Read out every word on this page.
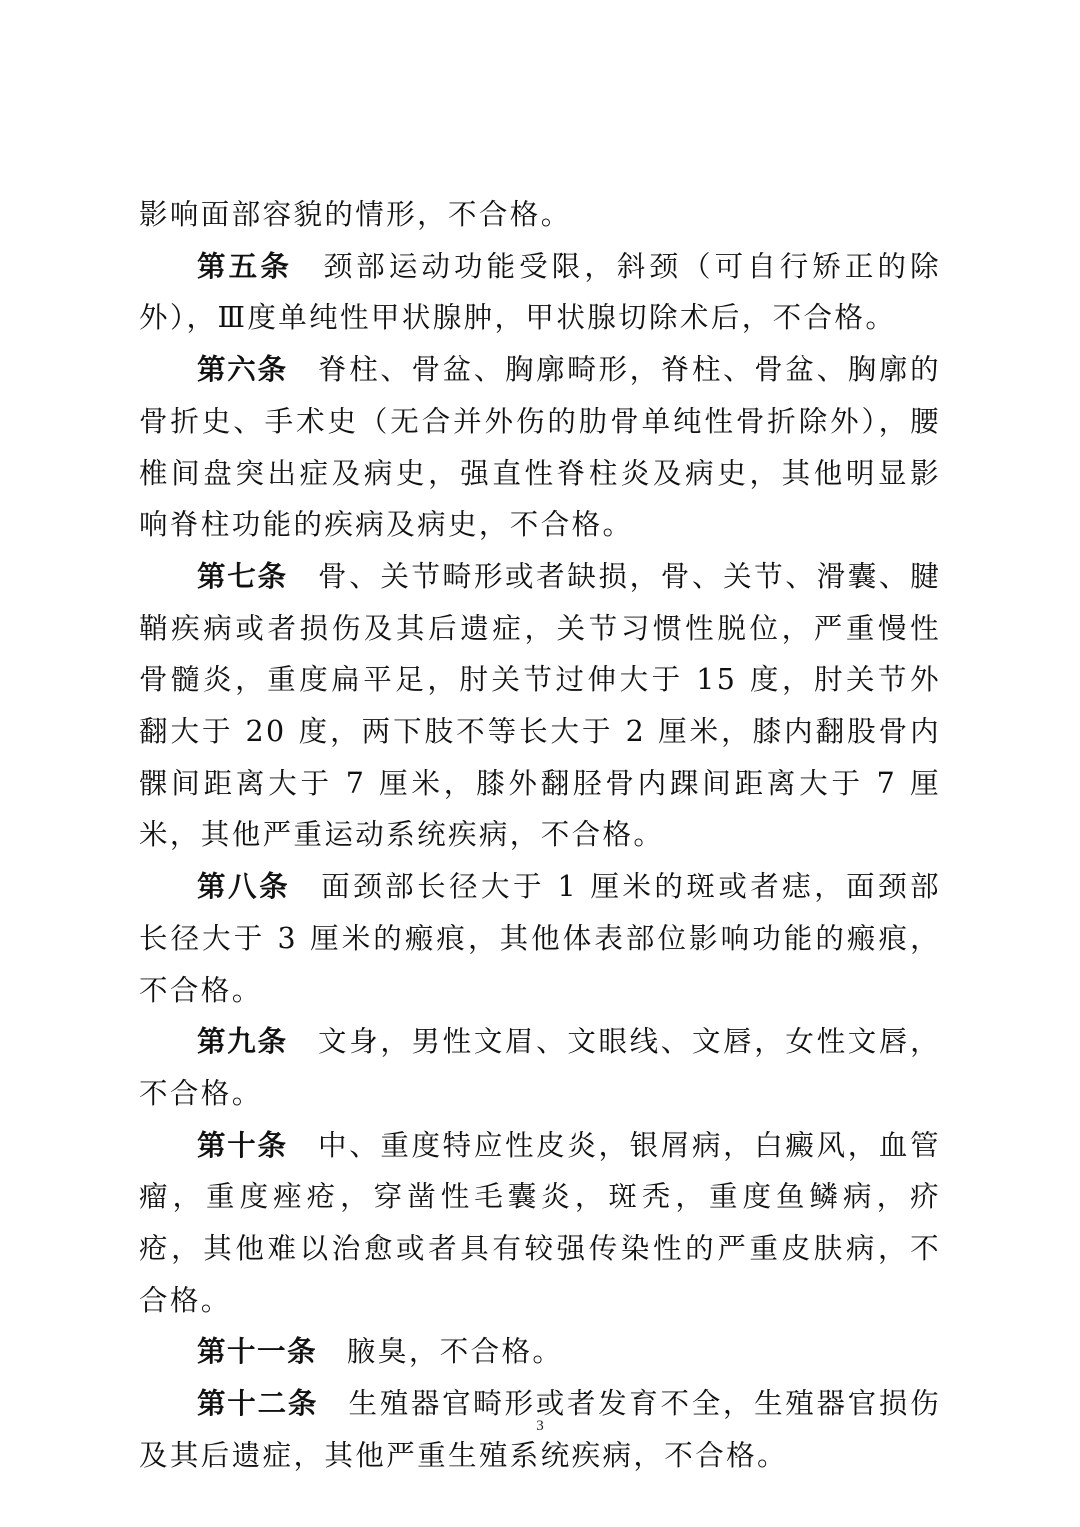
影响面部容貌的情形，不合格。

第五条 颈部运动功能受限，斜颈（可自行矫正的除外），Ⅲ度单纯性甲状腺肿，甲状腺切除术后，不合格。

第六条 脊柱、骨盆、胸廓畸形，脊柱、骨盆、胸廓的骨折史、手术史（无合并外伤的肋骨单纯性骨折除外），腰椎间盘突出症及病史，强直性脊柱炎及病史，其他明显影响脊柱功能的疾病及病史，不合格。

第七条 骨、关节畸形或者缺损，骨、关节、滑囊、腱鞘疾病或者损伤及其后遗症，关节习惯性脱位，严重慢性骨髓炎，重度扁平足，肘关节过伸大于 15 度，肘关节外翻大于 20 度，两下肢不等长大于 2 厘米，膝内翻股骨内髁间距离大于 7 厘米，膝外翻胫骨内踝间距离大于 7 厘米，其他严重运动系统疾病，不合格。

第八条 面颈部长径大于 1 厘米的斑或者痣，面颈部长径大于 3 厘米的瘢痕，其他体表部位影响功能的瘢痕，不合格。

第九条 文身，男性文眉、文眼线、文唇，女性文唇，不合格。

第十条 中、重度特应性皮炎，银屑病，白癜风，血管瘤，重度痤疮，穿凿性毛囊炎，斑秃，重度鱼鳞病，疥疮，其他难以治愈或者具有较强传染性的严重皮肤病，不合格。

第十一条 腋臭，不合格。

第十二条 生殖器官畸形或者发育不全，生殖器官损伤及其后遗症，其他严重生殖系统疾病，不合格。

3
